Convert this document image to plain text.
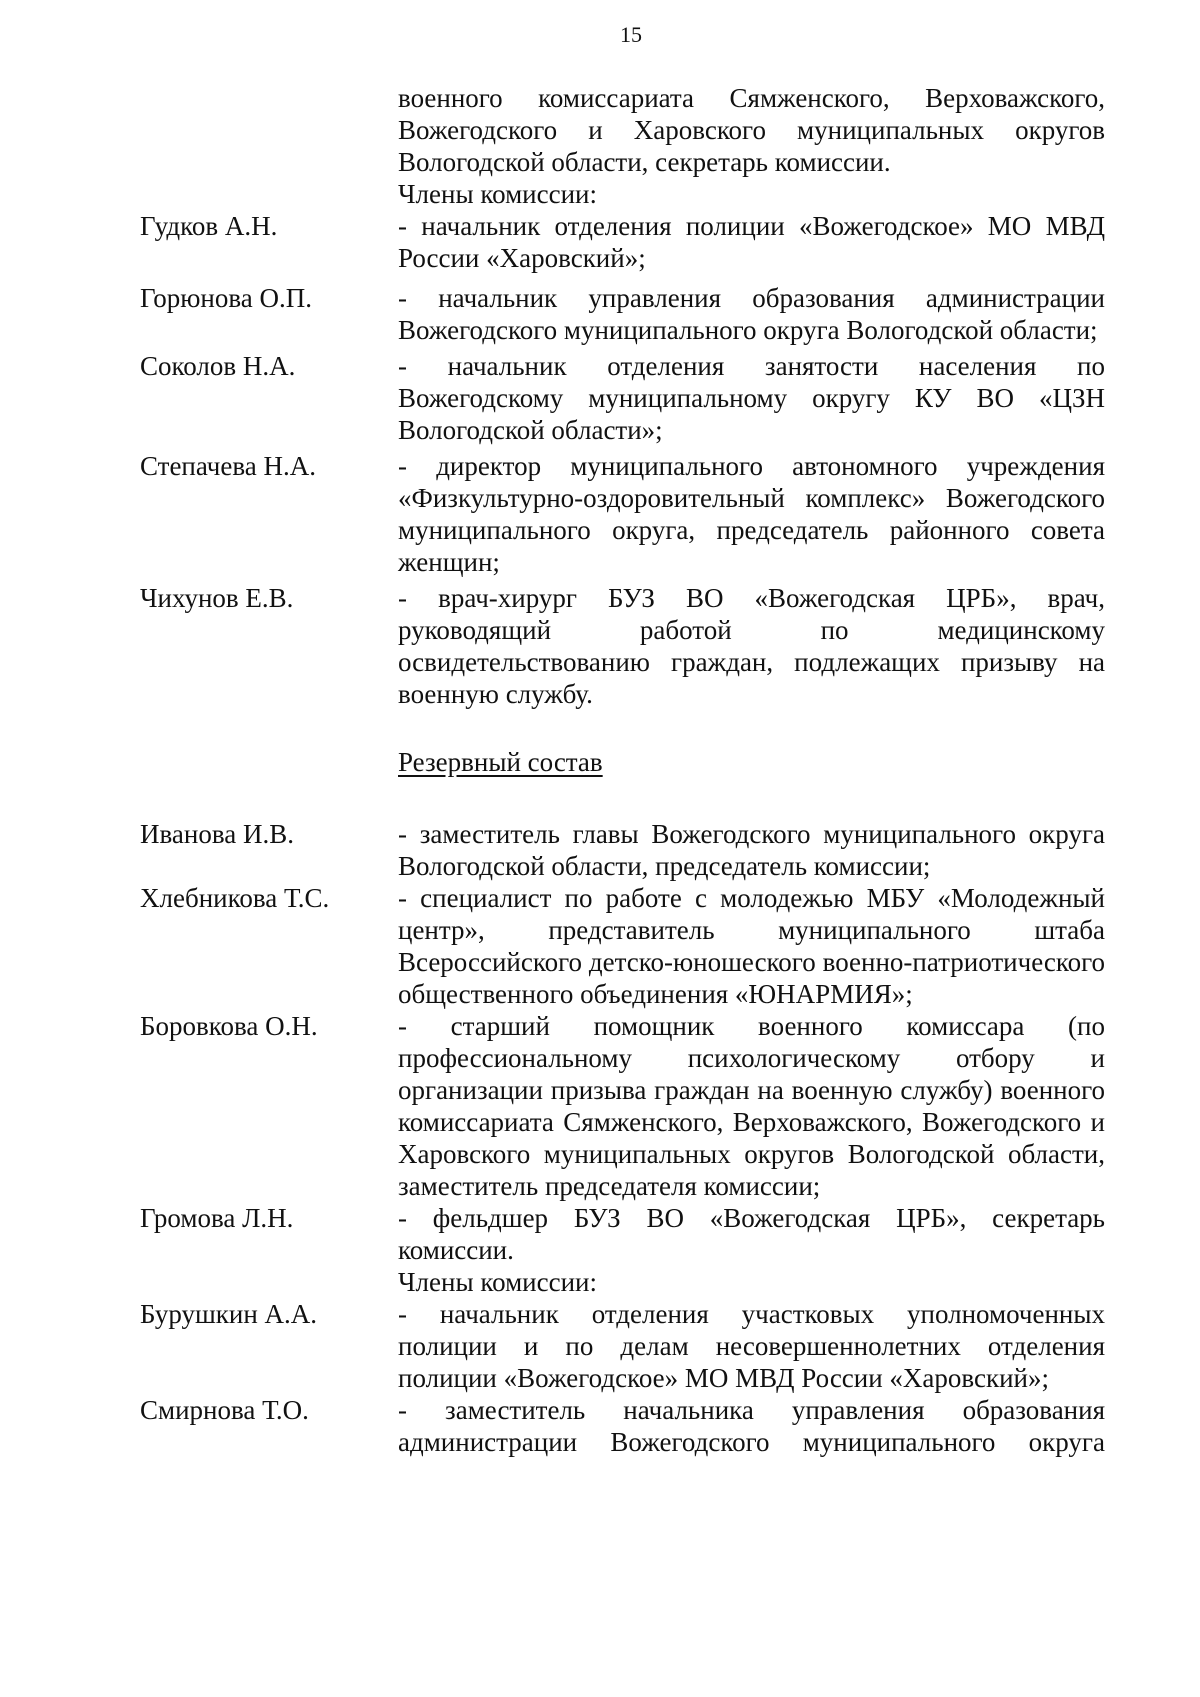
15
военного комиссариата Сямженского, Верховажского, Вожегодского и Харовского муниципальных округов Вологодской области, секретарь комиссии.
Члены комиссии:
Гудков А.Н.	- начальник отделения полиции «Вожегодское» МО МВД России «Харовский»;
Горюнова О.П.	- начальник управления образования администрации Вожегодского муниципального округа Вологодской области;
Соколов Н.А.	- начальник отделения занятости населения по Вожегодскому муниципальному округу КУ ВО «ЦЗН Вологодской области»;
Степачева Н.А.	- директор муниципального автономного учреждения «Физкультурно-оздоровительный комплекс» Вожегодского муниципального округа, председатель районного совета женщин;
Чихунов Е.В.	- врач-хирург БУЗ ВО «Вожегодская ЦРБ», врач, руководящий работой по медицинскому освидетельствованию граждан, подлежащих призыву на военную службу.
Резервный состав
Иванова И.В.	- заместитель главы Вожегодского муниципального округа Вологодской области, председатель комиссии;
Хлебникова Т.С.	- специалист по работе с молодежью МБУ «Молодежный центр», представитель муниципального штаба Всероссийского детско-юношеского военно-патриотического общественного объединения «ЮНАРМИЯ»;
Боровкова О.Н.	- старший помощник военного комиссара (по профессиональному психологическому отбору и организации призыва граждан на военную службу) военного комиссариата Сямженского, Верховажского, Вожегодского и Харовского муниципальных округов Вологодской области, заместитель председателя комиссии;
Громова Л.Н.	- фельдшер БУЗ ВО «Вожегодская ЦРБ», секретарь комиссии.
Члены комиссии:
Бурушкин А.А.	- начальник отделения участковых уполномоченных полиции и по делам несовершеннолетних отделения полиции «Вожегодское» МО МВД России «Харовский»;
Смирнова Т.О.	- заместитель начальника управления образования администрации Вожегодского муниципального округа
